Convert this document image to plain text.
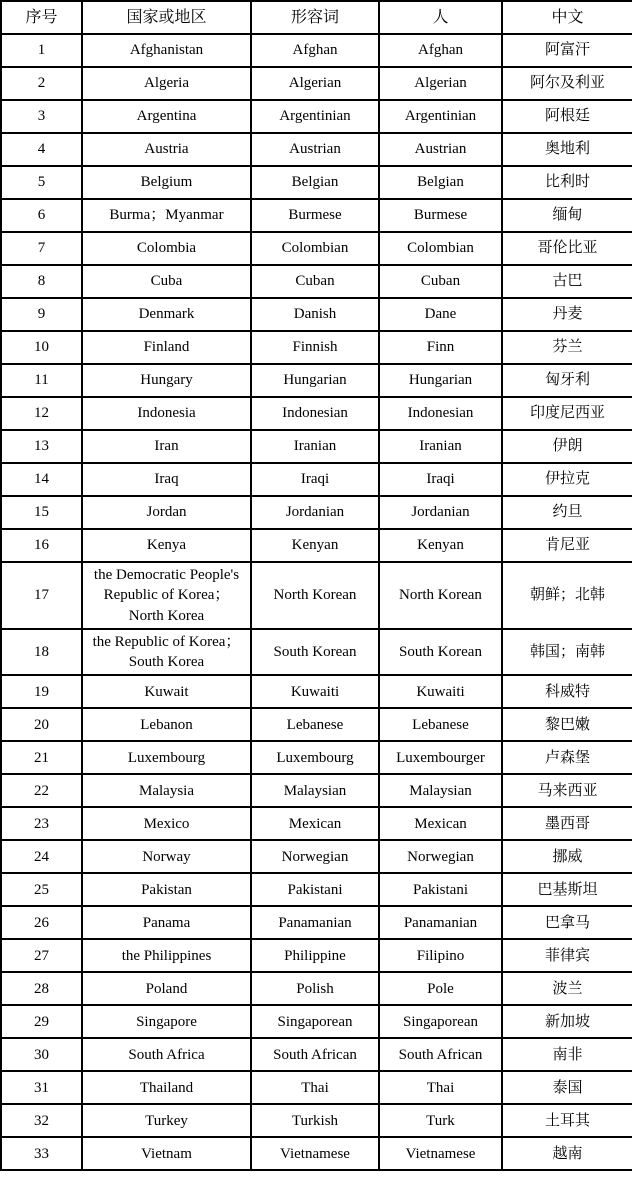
序号	国家或地区	形容词	人	中文
1	Afghanistan	Afghan	Afghan	阿富汗
2	Algeria	Algerian	Algerian	阿尔及利亚
3	Argentina	Argentinian	Argentinian	阿根廷
4	Austria	Austrian	Austrian	奥地利
5	Belgium	Belgian	Belgian	比利时
6	Burma；Myanmar	Burmese	Burmese	缅甸
7	Colombia	Colombian	Colombian	哥伦比亚
8	Cuba	Cuban	Cuban	古巴
9	Denmark	Danish	Dane	丹麦
10	Finland	Finnish	Finn	芬兰
11	Hungary	Hungarian	Hungarian	匈牙利
12	Indonesia	Indonesian	Indonesian	印度尼西亚
13	Iran	Iranian	Iranian	伊朗
14	Iraq	Iraqi	Iraqi	伊拉克
15	Jordan	Jordanian	Jordanian	约旦
16	Kenya	Kenyan	Kenyan	肯尼亚
17	the Democratic People's Republic of Korea； North Korea	North Korean	North Korean	朝鲜；北韩
18	the Republic of Korea； South Korea	South Korean	South Korean	韩国；南韩
19	Kuwait	Kuwaiti	Kuwaiti	科威特
20	Lebanon	Lebanese	Lebanese	黎巴嫩
21	Luxembourg	Luxembourg	Luxembourger	卢森堡
22	Malaysia	Malaysian	Malaysian	马来西亚
23	Mexico	Mexican	Mexican	墨西哥
24	Norway	Norwegian	Norwegian	挪威
25	Pakistan	Pakistani	Pakistani	巴基斯坦
26	Panama	Panamanian	Panamanian	巴拿马
27	the Philippines	Philippine	Filipino	菲律宾
28	Poland	Polish	Pole	波兰
29	Singapore	Singaporean	Singaporean	新加坡
30	South Africa	South African	South African	南非
31	Thailand	Thai	Thai	泰国
32	Turkey	Turkish	Turk	土耳其
33	Vietnam	Vietnamese	Vietnamese	越南
